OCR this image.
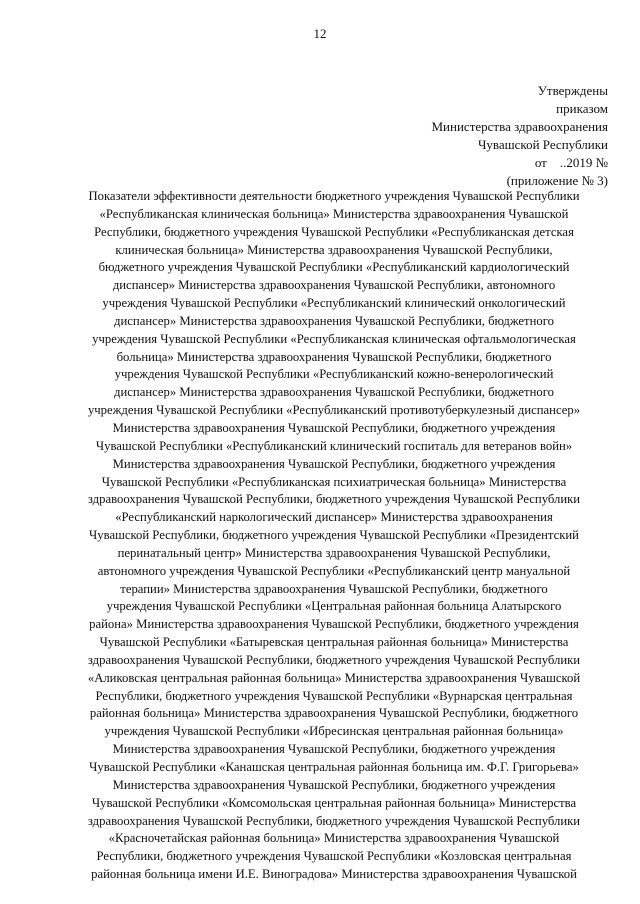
12
Утверждены
приказом
Министерства здравоохранения
Чувашской Республики
от    ..2019 №
(приложение № 3)
Показатели эффективности деятельности бюджетного учреждения Чувашской Республики
«Республиканская клиническая больница» Министерства здравоохранения Чувашской
Республики, бюджетного учреждения Чувашской Республики «Республиканская детская
клиническая больница» Министерства здравоохранения Чувашской Республики,
бюджетного учреждения Чувашской Республики «Республиканский кардиологический
диспансер» Министерства здравоохранения Чувашской Республики, автономного
учреждения Чувашской Республики «Республиканский клинический онкологический
диспансер» Министерства здравоохранения Чувашской Республики, бюджетного
учреждения Чувашской Республики «Республиканская клиническая офтальмологическая
больница» Министерства здравоохранения Чувашской Республики, бюджетного
учреждения Чувашской Республики «Республиканский кожно-венерологический
диспансер» Министерства здравоохранения Чувашской Республики, бюджетного
учреждения Чувашской Республики «Республиканский противотуберкулезный диспансер»
Министерства здравоохранения Чувашской Республики, бюджетного учреждения
Чувашской Республики «Республиканский клинический госпиталь для ветеранов войн»
Министерства здравоохранения Чувашской Республики, бюджетного учреждения
Чувашской Республики «Республиканская психиатрическая больница» Министерства
здравоохранения Чувашской Республики, бюджетного учреждения Чувашской Республики
«Республиканский наркологический диспансер» Министерства здравоохранения
Чувашской Республики, бюджетного учреждения Чувашской Республики «Президентский
перинатальный центр» Министерства здравоохранения Чувашской Республики,
автономного учреждения Чувашской Республики «Республиканский центр мануальной
терапии» Министерства здравоохранения Чувашской Республики, бюджетного
учреждения Чувашской Республики «Центральная районная больница Алатырского
района» Министерства здравоохранения Чувашской Республики, бюджетного учреждения
Чувашской Республики «Батыревская центральная районная больница» Министерства
здравоохранения Чувашской Республики, бюджетного учреждения Чувашской Республики
«Аликовская центральная районная больница» Министерства здравоохранения Чувашской
Республики, бюджетного учреждения Чувашской Республики «Вурнарская центральная
районная больница» Министерства здравоохранения Чувашской Республики, бюджетного
учреждения Чувашской Республики «Ибресинская центральная районная больница»
Министерства здравоохранения Чувашской Республики, бюджетного учреждения
Чувашской Республики «Канашская центральная районная больница им. Ф.Г. Григорьева»
Министерства здравоохранения Чувашской Республики, бюджетного учреждения
Чувашской Республики «Комсомольская центральная районная больница» Министерства
здравоохранения Чувашской Республики, бюджетного учреждения Чувашской Республики
«Красночетайская районная больница» Министерства здравоохранения Чувашской
Республики, бюджетного учреждения Чувашской Республики «Козловская центральная
районная больница имени И.Е. Виноградова» Министерства здравоохранения Чувашской
